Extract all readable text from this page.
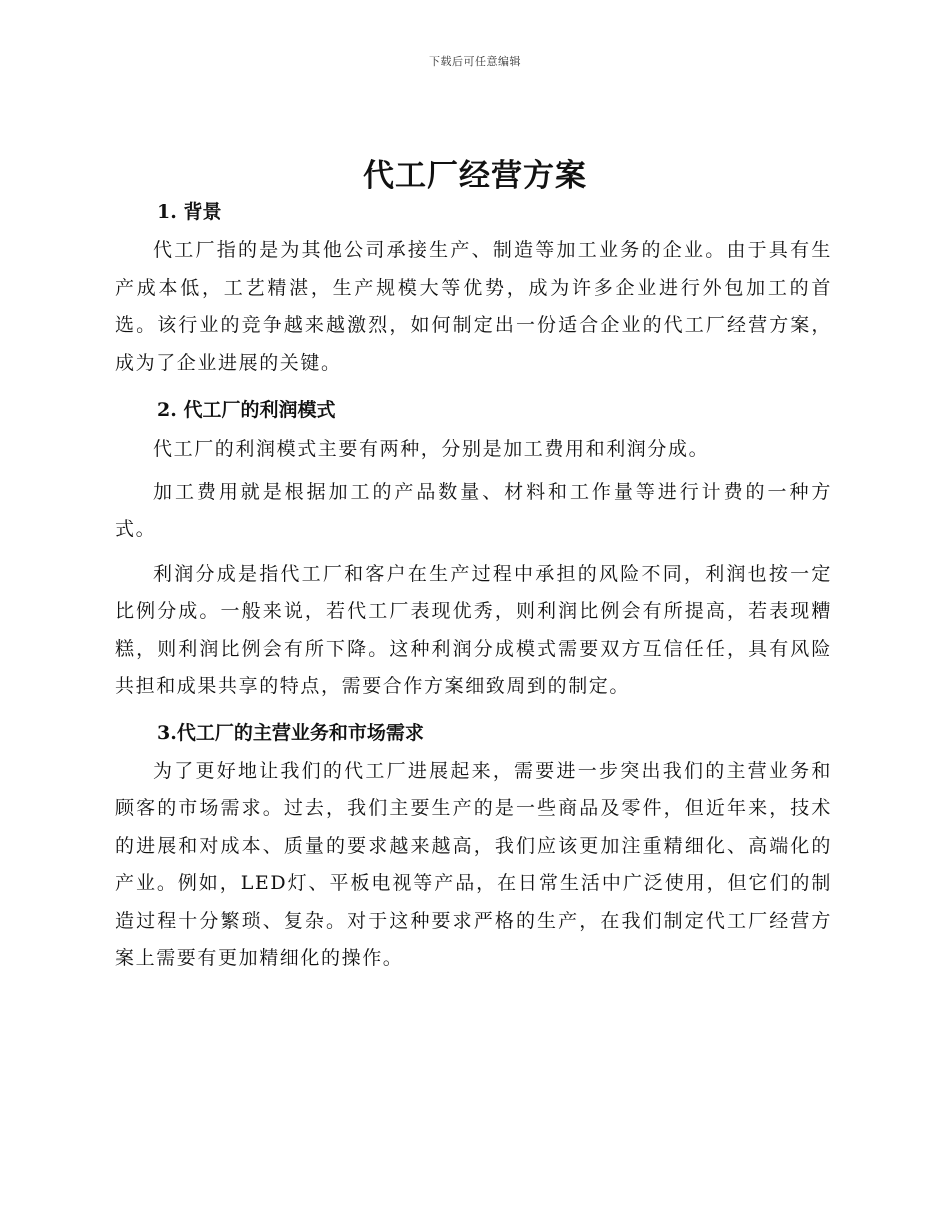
下载后可任意编辑
代工厂经营方案
1. 背景

代工厂指的是为其他公司承接生产、制造等加工业务的企业。由于具有生产成本低，工艺精湛，生产规模大等优势，成为许多企业进行外包加工的首选。该行业的竞争越来越激烈，如何制定出一份适合企业的代工厂经营方案，成为了企业进展的关键。

2. 代工厂的利润模式

代工厂的利润模式主要有两种，分别是加工费用和利润分成。

加工费用就是根据加工的产品数量、材料和工作量等进行计费的一种方式。

利润分成是指代工厂和客户在生产过程中承担的风险不同，利润也按一定比例分成。一般来说，若代工厂表现优秀，则利润比例会有所提高，若表现糟糕，则利润比例会有所下降。这种利润分成模式需要双方互信任任，具有风险共担和成果共享的特点，需要合作方案细致周到的制定。

3.代工厂的主营业务和市场需求

为了更好地让我们的代工厂进展起来，需要进一步突出我们的主营业务和顾客的市场需求。过去，我们主要生产的是一些商品及零件，但近年来，技术的进展和对成本、质量的要求越来越高，我们应该更加注重精细化、高端化的产业。例如，LED灯、平板电视等产品，在日常生活中广泛使用，但它们的制造过程十分繁琐、复杂。对于这种要求严格的生产，在我们制定代工厂经营方案上需要有更加精细化的操作。
